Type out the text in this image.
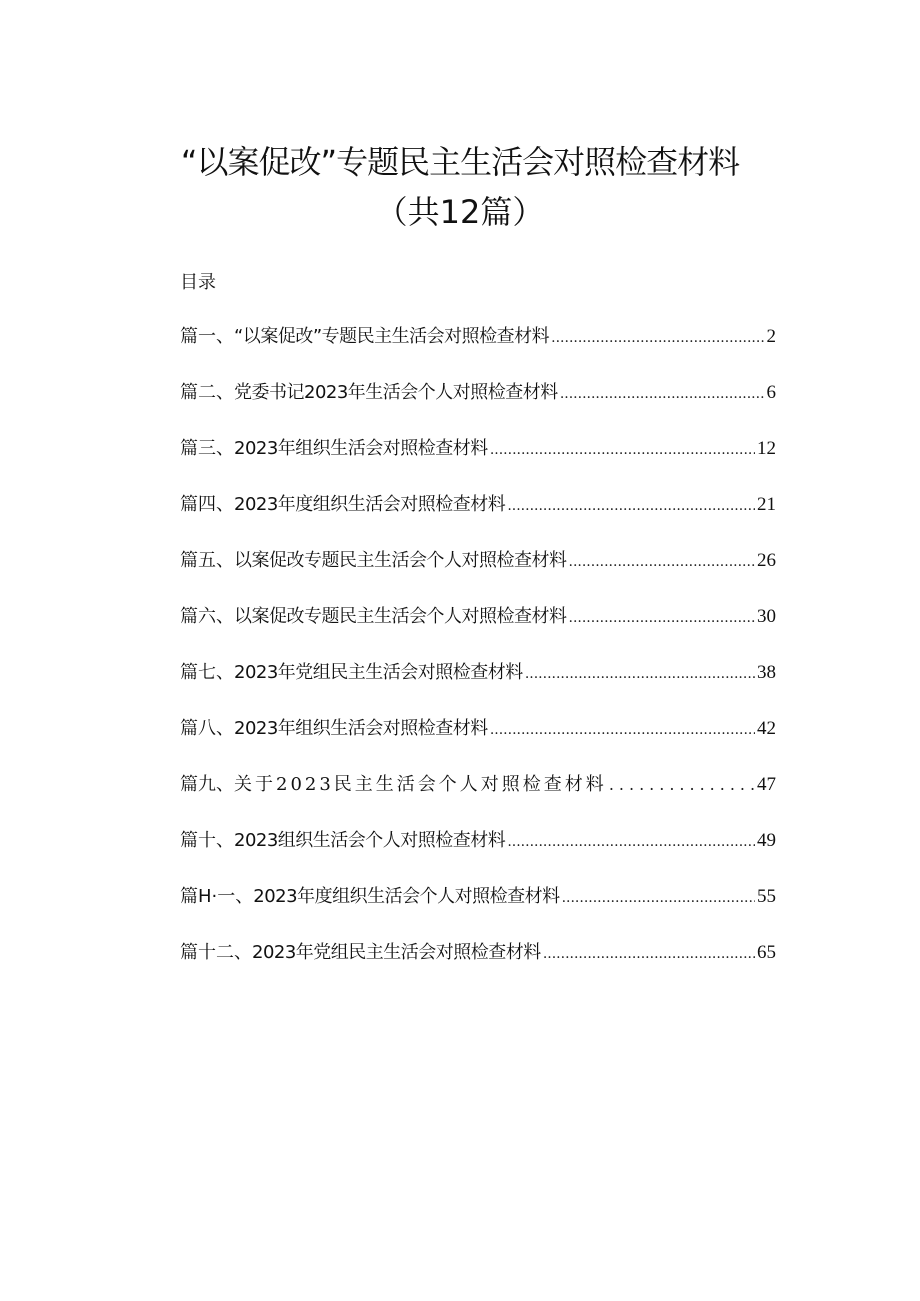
“以案促改”专题民主生活会对照检查材料
（共12篇）
目录
篇一、 “以案促改”专题民主生活会对照检查材料 .....	2
篇二、 党委书记2023年生活会个人对照检查材料 .....	6
篇三、 2023年组织生活会对照检查材料 .....	12
篇四、 2023年度组织生活会对照检查材料 .....	21
篇五、 以案促改专题民主生活会个人对照检查材料 .....	26
篇六、 以案促改专题民主生活会个人对照检查材料 .....	30
篇七、 2023年党组民主生活会对照检查材料 .....	38
篇八、 2023年组织生活会对照检查材料 .....	42
篇九、 关于2023民主生活会个人对照检查材料 .....	47
篇十、 2023组织生活会个人对照检查材料 .....	49
篇H·一、 2023年度组织生活会个人对照检查材料 .....	55
篇十二、 2023年党组民主生活会对照检查材料 .....	65
